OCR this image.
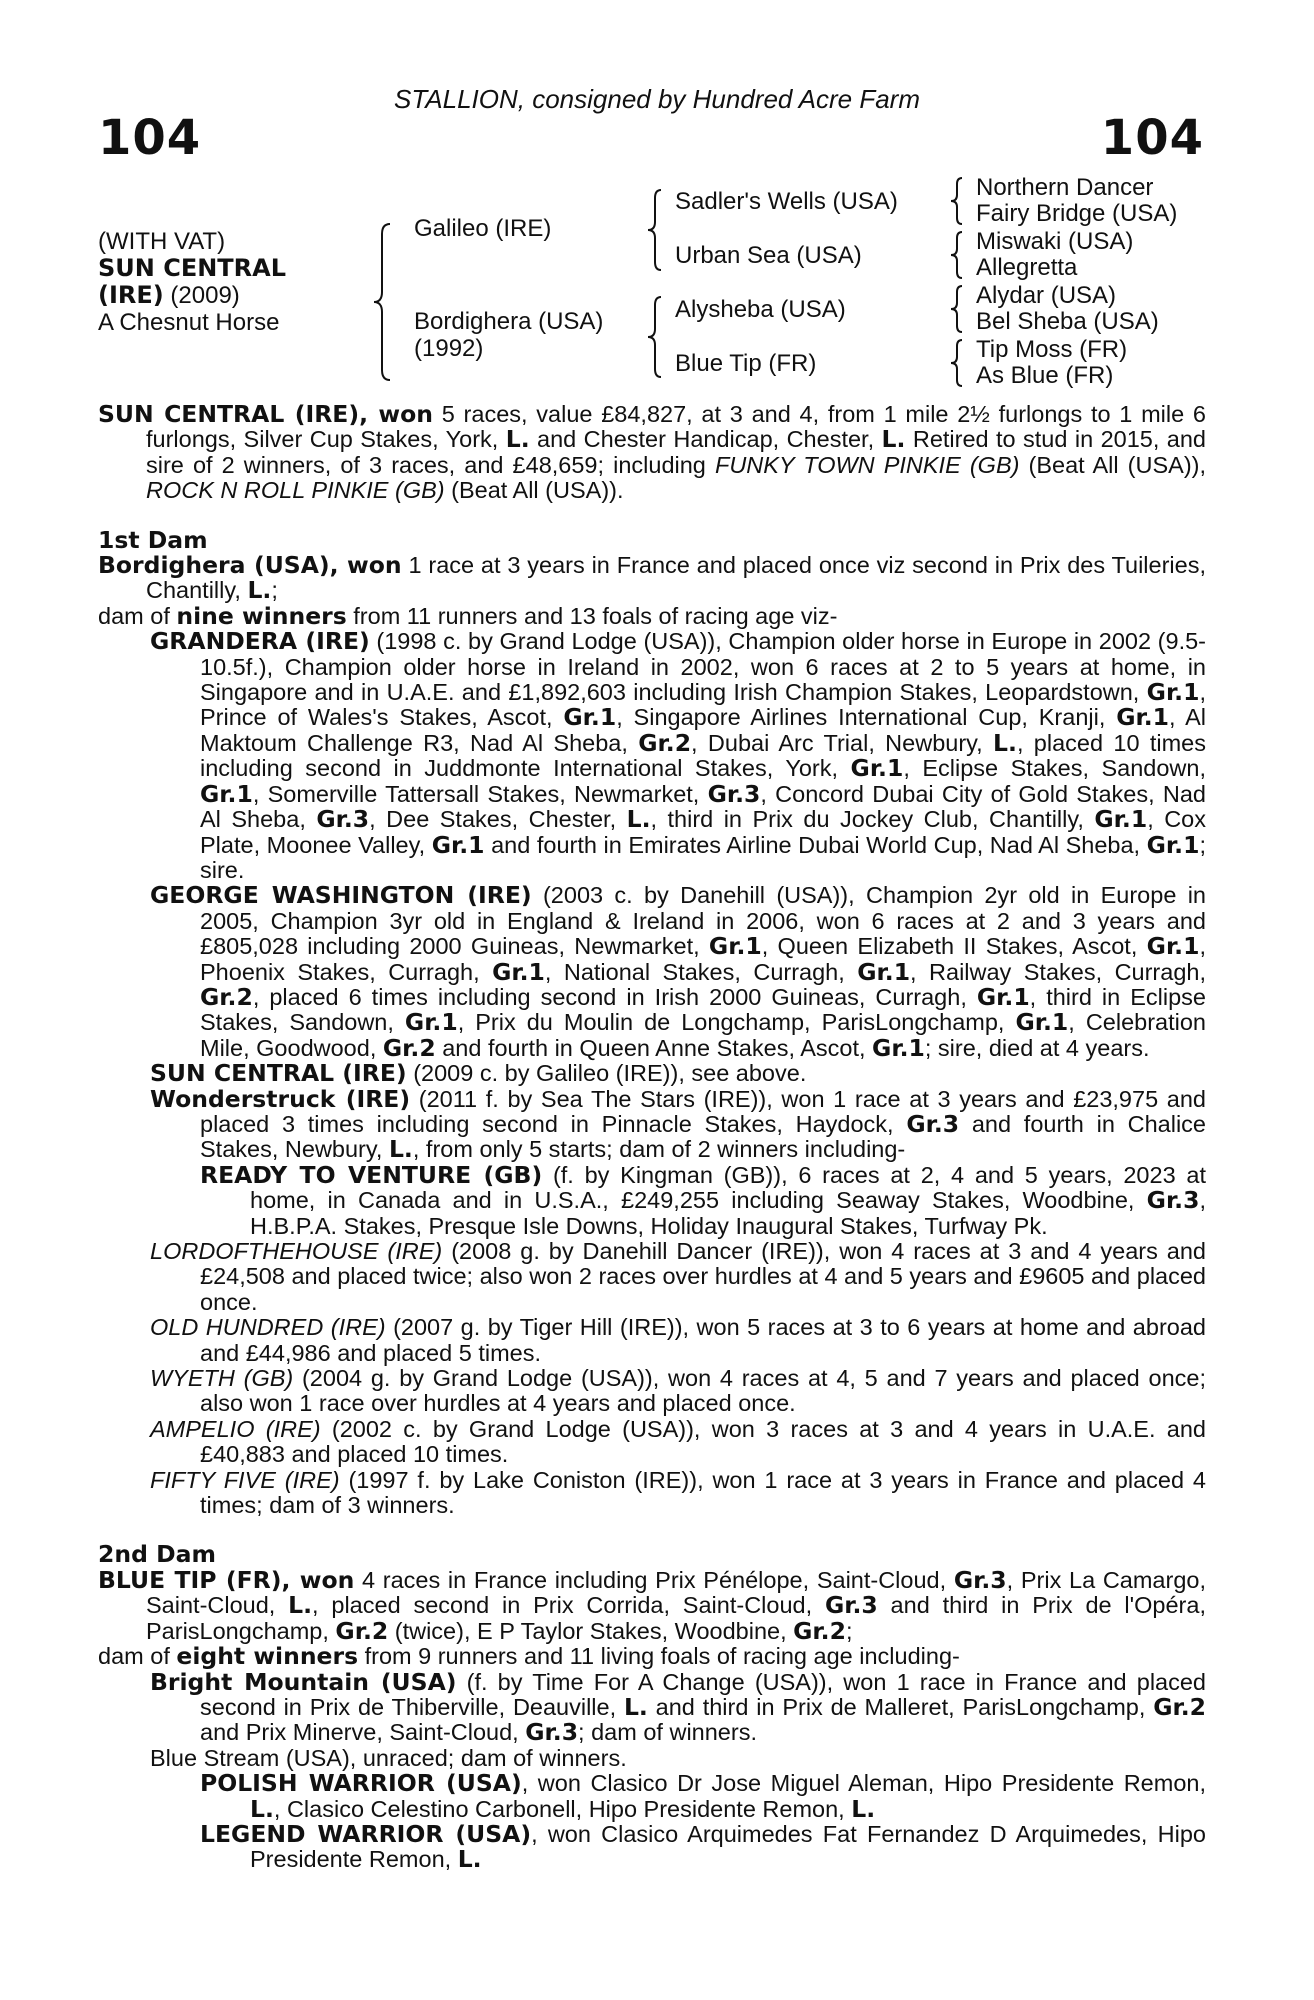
STALLION, consigned by Hundred Acre Farm
104	104
(WITH VAT)
SUN CENTRAL
(IRE) (2009)
A Chesnut Horse
Galileo (IRE)
Bordighera (USA)
(1992)
Sadler's Wells (USA)
Urban Sea (USA)
Alysheba (USA)
Blue Tip (FR)
Northern Dancer
Fairy Bridge (USA)
Miswaki (USA)
Allegretta
Alydar (USA)
Bel Sheba (USA)
Tip Moss (FR)
As Blue (FR)

SUN CENTRAL (IRE), won 5 races, value £84,827, at 3 and 4, from 1 mile 2½ furlongs to 1 mile 6 furlongs, Silver Cup Stakes, York, L. and Chester Handicap, Chester, L. Retired to stud in 2015, and sire of 2 winners, of 3 races, and £48,659; including FUNKY TOWN PINKIE (GB) (Beat All (USA)), ROCK N ROLL PINKIE (GB) (Beat All (USA)).

1st Dam

Bordighera (USA), won 1 race at 3 years in France and placed once viz second in Prix des Tuileries, Chantilly, L.;

dam of nine winners from 11 runners and 13 foals of racing age viz-

GRANDERA (IRE) (1998 c. by Grand Lodge (USA)), Champion older horse in Europe in 2002 (9.5-10.5f.), Champion older horse in Ireland in 2002, won 6 races at 2 to 5 years at home, in Singapore and in U.A.E. and £1,892,603 including Irish Champion Stakes, Leopardstown, Gr.1, Prince of Wales's Stakes, Ascot, Gr.1, Singapore Airlines International Cup, Kranji, Gr.1, Al Maktoum Challenge R3, Nad Al Sheba, Gr.2, Dubai Arc Trial, Newbury, L., placed 10 times including second in Juddmonte International Stakes, York, Gr.1, Eclipse Stakes, Sandown, Gr.1, Somerville Tattersall Stakes, Newmarket, Gr.3, Concord Dubai City of Gold Stakes, Nad Al Sheba, Gr.3, Dee Stakes, Chester, L., third in Prix du Jockey Club, Chantilly, Gr.1, Cox Plate, Moonee Valley, Gr.1 and fourth in Emirates Airline Dubai World Cup, Nad Al Sheba, Gr.1; sire.

GEORGE WASHINGTON (IRE) (2003 c. by Danehill (USA)), Champion 2yr old in Europe in 2005, Champion 3yr old in England & Ireland in 2006, won 6 races at 2 and 3 years and £805,028 including 2000 Guineas, Newmarket, Gr.1, Queen Elizabeth II Stakes, Ascot, Gr.1, Phoenix Stakes, Curragh, Gr.1, National Stakes, Curragh, Gr.1, Railway Stakes, Curragh, Gr.2, placed 6 times including second in Irish 2000 Guineas, Curragh, Gr.1, third in Eclipse Stakes, Sandown, Gr.1, Prix du Moulin de Longchamp, ParisLongchamp, Gr.1, Celebration Mile, Goodwood, Gr.2 and fourth in Queen Anne Stakes, Ascot, Gr.1; sire, died at 4 years.

SUN CENTRAL (IRE) (2009 c. by Galileo (IRE)), see above.

Wonderstruck (IRE) (2011 f. by Sea The Stars (IRE)), won 1 race at 3 years and £23,975 and placed 3 times including second in Pinnacle Stakes, Haydock, Gr.3 and fourth in Chalice Stakes, Newbury, L., from only 5 starts; dam of 2 winners including-

READY TO VENTURE (GB) (f. by Kingman (GB)), 6 races at 2, 4 and 5 years, 2023 at home, in Canada and in U.S.A., £249,255 including Seaway Stakes, Woodbine, Gr.3, H.B.P.A. Stakes, Presque Isle Downs, Holiday Inaugural Stakes, Turfway Pk.

LORDOFTHEHOUSE (IRE) (2008 g. by Danehill Dancer (IRE)), won 4 races at 3 and 4 years and £24,508 and placed twice; also won 2 races over hurdles at 4 and 5 years and £9605 and placed once.

OLD HUNDRED (IRE) (2007 g. by Tiger Hill (IRE)), won 5 races at 3 to 6 years at home and abroad and £44,986 and placed 5 times.

WYETH (GB) (2004 g. by Grand Lodge (USA)), won 4 races at 4, 5 and 7 years and placed once; also won 1 race over hurdles at 4 years and placed once.

AMPELIO (IRE) (2002 c. by Grand Lodge (USA)), won 3 races at 3 and 4 years in U.A.E. and £40,883 and placed 10 times.

FIFTY FIVE (IRE) (1997 f. by Lake Coniston (IRE)), won 1 race at 3 years in France and placed 4 times; dam of 3 winners.

2nd Dam

BLUE TIP (FR), won 4 races in France including Prix Pénélope, Saint-Cloud, Gr.3, Prix La Camargo, Saint-Cloud, L., placed second in Prix Corrida, Saint-Cloud, Gr.3 and third in Prix de l'Opéra, ParisLongchamp, Gr.2 (twice), E P Taylor Stakes, Woodbine, Gr.2;

dam of eight winners from 9 runners and 11 living foals of racing age including-

Bright Mountain (USA) (f. by Time For A Change (USA)), won 1 race in France and placed second in Prix de Thiberville, Deauville, L. and third in Prix de Malleret, ParisLongchamp, Gr.2 and Prix Minerve, Saint-Cloud, Gr.3; dam of winners.

Blue Stream (USA), unraced; dam of winners.

POLISH WARRIOR (USA), won Clasico Dr Jose Miguel Aleman, Hipo Presidente Remon, L., Clasico Celestino Carbonell, Hipo Presidente Remon, L.

LEGEND WARRIOR (USA), won Clasico Arquimedes Fat Fernandez D Arquimedes, Hipo Presidente Remon, L.
